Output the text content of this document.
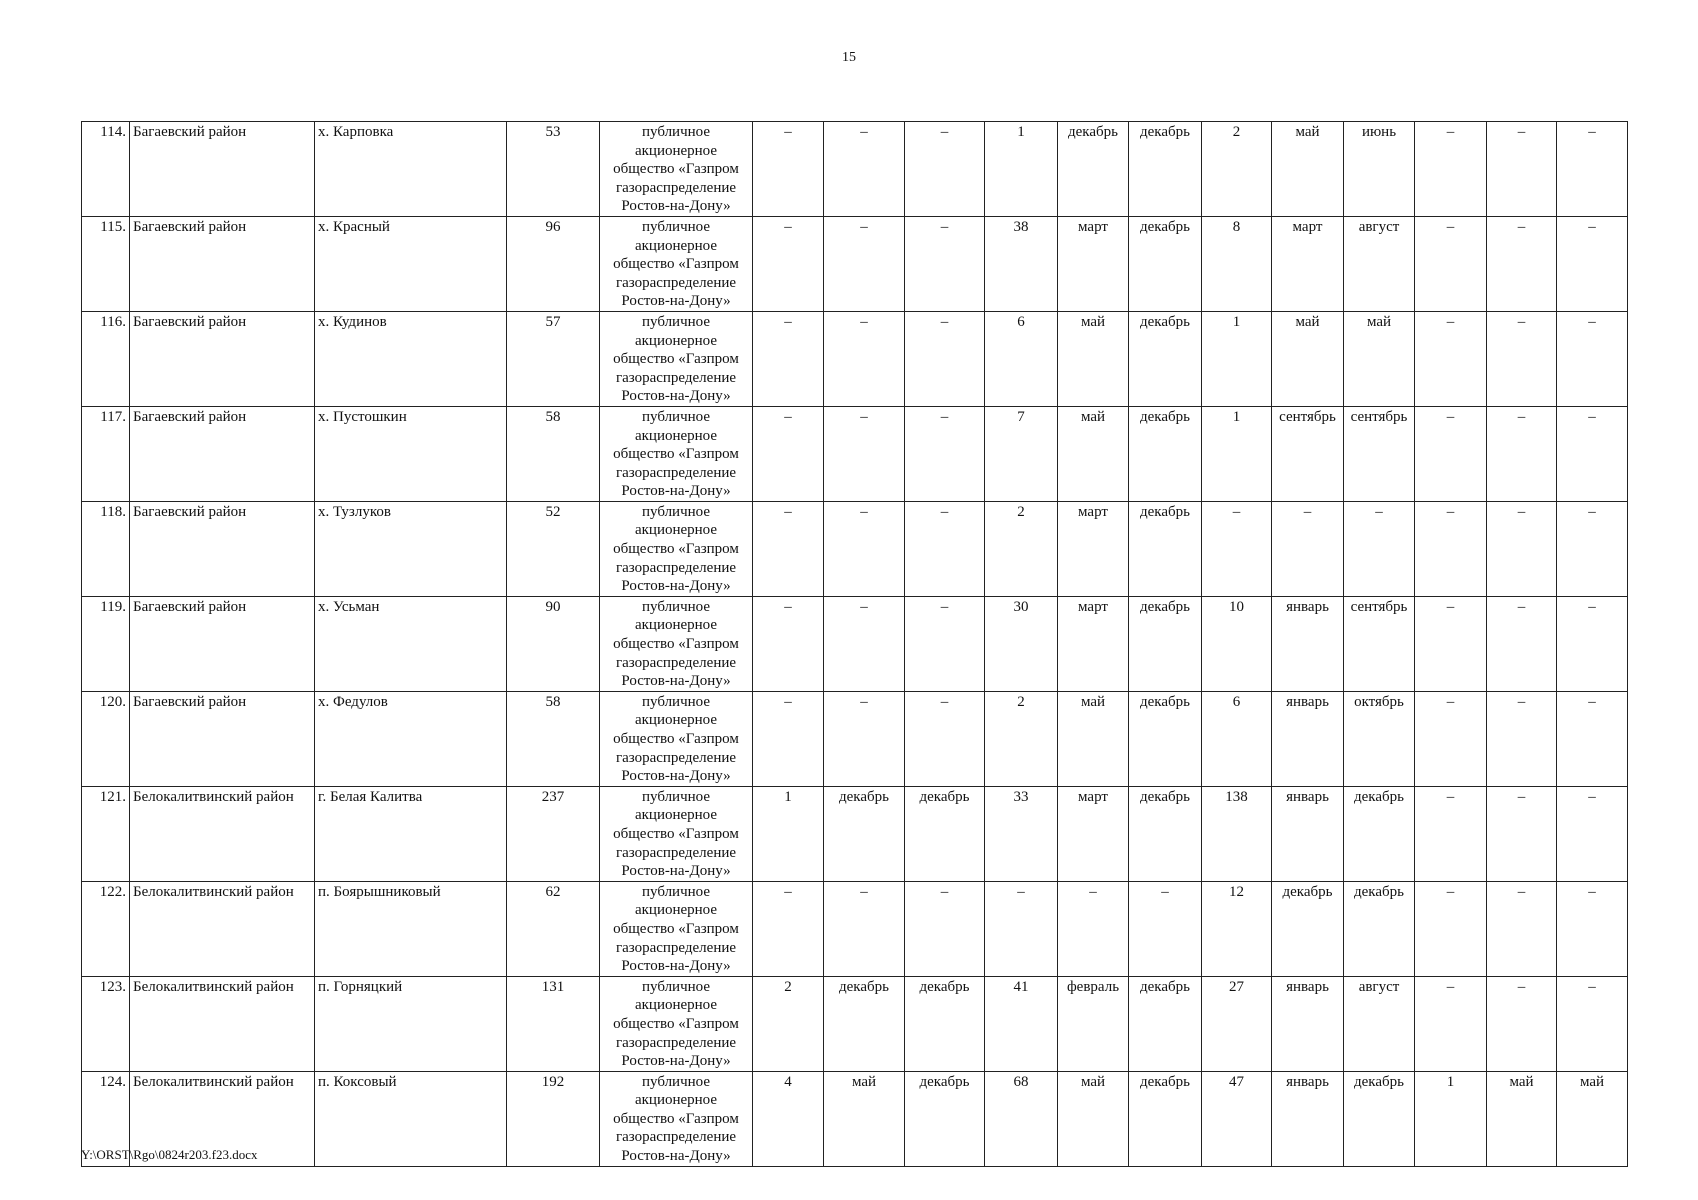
15
114.	Багаевский район	х. Карповка	53	публичное акционерное общество «Газпром газораспределение Ростов-на-Дону»	–	–	–	1	декабрь	декабрь	2	май	июнь	–	–	–
115.	Багаевский район	х. Красный	96	публичное акционерное общество «Газпром газораспределение Ростов-на-Дону»	–	–	–	38	март	декабрь	8	март	август	–	–	–
116.	Багаевский район	х. Кудинов	57	публичное акционерное общество «Газпром газораспределение Ростов-на-Дону»	–	–	–	6	май	декабрь	1	май	май	–	–	–
117.	Багаевский район	х. Пустошкин	58	публичное акционерное общество «Газпром газораспределение Ростов-на-Дону»	–	–	–	7	май	декабрь	1	сентябрь	сентябрь	–	–	–
118.	Багаевский район	х. Тузлуков	52	публичное акционерное общество «Газпром газораспределение Ростов-на-Дону»	–	–	–	2	март	декабрь	–	–	–	–	–	–
119.	Багаевский район	х. Усьман	90	публичное акционерное общество «Газпром газораспределение Ростов-на-Дону»	–	–	–	30	март	декабрь	10	январь	сентябрь	–	–	–
120.	Багаевский район	х. Федулов	58	публичное акционерное общество «Газпром газораспределение Ростов-на-Дону»	–	–	–	2	май	декабрь	6	январь	октябрь	–	–	–
121.	Белокалитвинский район	г. Белая Калитва	237	публичное акционерное общество «Газпром газораспределение Ростов-на-Дону»	1	декабрь	декабрь	33	март	декабрь	138	январь	декабрь	–	–	–
122.	Белокалитвинский район	п. Боярышниковый	62	публичное акционерное общество «Газпром газораспределение Ростов-на-Дону»	–	–	–	–	–	–	12	декабрь	декабрь	–	–	–
123.	Белокалитвинский район	п. Горняцкий	131	публичное акционерное общество «Газпром газораспределение Ростов-на-Дону»	2	декабрь	декабрь	41	февраль	декабрь	27	январь	август	–	–	–
124.	Белокалитвинский район	п. Коксовый	192	публичное акционерное общество «Газпром газораспределение Ростов-на-Дону»	4	май	декабрь	68	май	декабрь	47	январь	декабрь	1	май	май
Y:\ORST\Rgo\0824r203.f23.docx
